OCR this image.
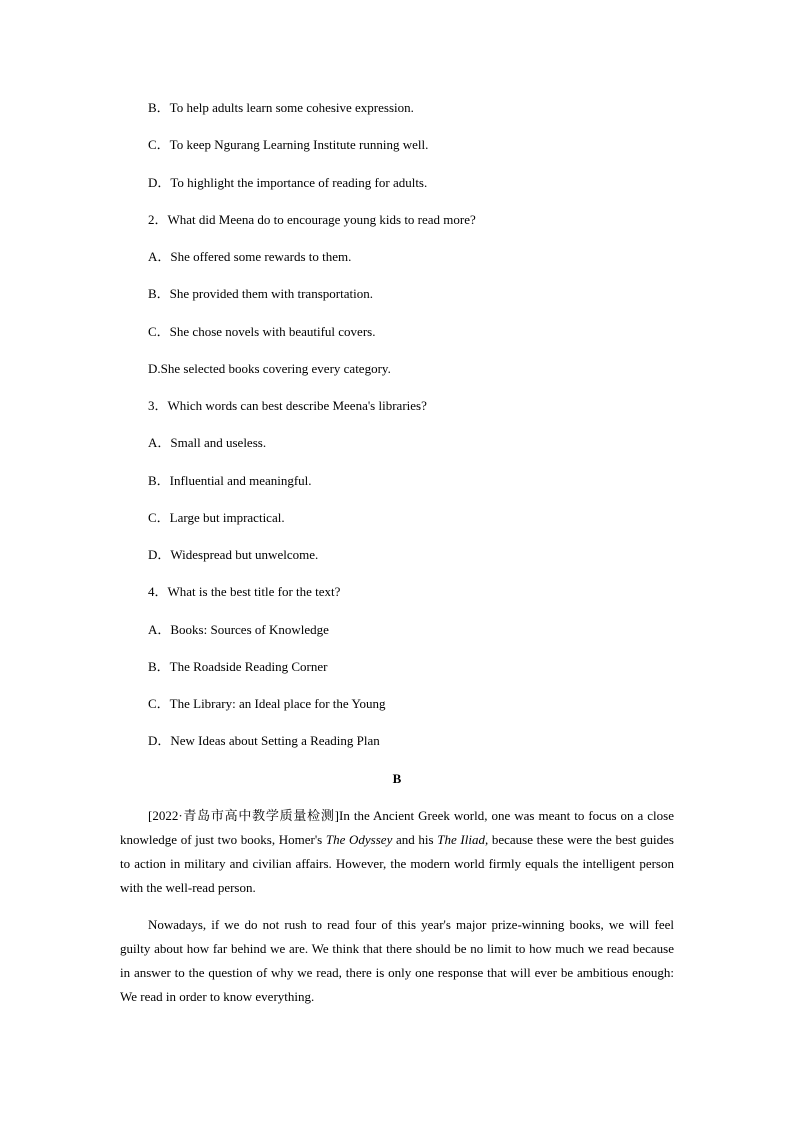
B．To help adults learn some cohesive expression.
C．To keep Ngurang Learning Institute running well.
D．To highlight the importance of reading for adults.
2．What did Meena do to encourage young kids to read more?
A．She offered some rewards to them.
B．She provided them with transportation.
C．She chose novels with beautiful covers.
D.She selected books covering every category.
3．Which words can best describe Meena's libraries?
A．Small and useless.
B．Influential and meaningful.
C．Large but impractical.
D．Widespread but unwelcome.
4．What is the best title for the text?
A．Books: Sources of Knowledge
B．The Roadside Reading Corner
C．The Library: an Ideal place for the Young
D．New Ideas about Setting a Reading Plan
B

[2022·青岛市高中教学质量检测]In the Ancient Greek world, one was meant to focus on a close knowledge of just two books, Homer's The Odyssey and his The Iliad, because these were the best guides to action in military and civilian affairs. However, the modern world firmly equals the intelligent person with the well-read person.

Nowadays, if we do not rush to read four of this year's major prize-winning books, we will feel guilty about how far behind we are. We think that there should be no limit to how much we read because in answer to the question of why we read, there is only one response that will ever be ambitious enough: We read in order to know everything.
